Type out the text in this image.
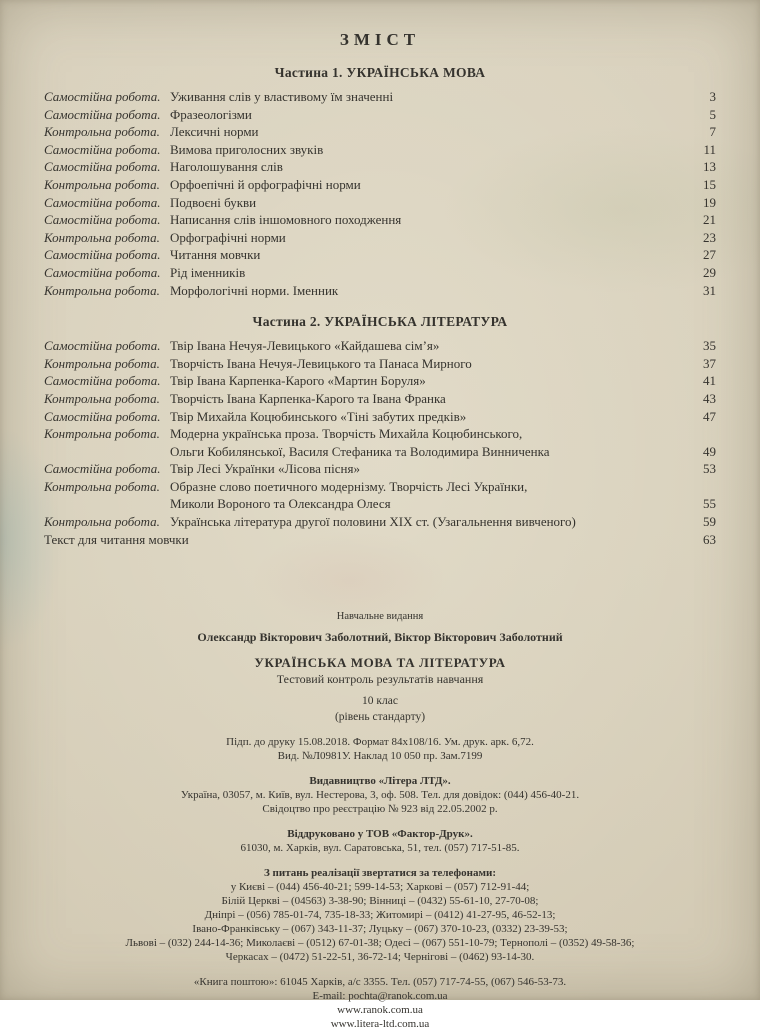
ЗМІСТ
Частина 1. УКРАЇНСЬКА МОВА
Самостійна робота. Уживання слів у властивому їм значенні	3
Самостійна робота. Фразеологізми	5
Контрольна робота. Лексичні норми	7
Самостійна робота. Вимова приголосних звуків	11
Самостійна робота. Наголошування слів	13
Контрольна робота. Орфоепічні й орфографічні норми	15
Самостійна робота. Подвоєні букви	19
Самостійна робота. Написання слів іншомовного походження	21
Контрольна робота. Орфографічні норми	23
Самостійна робота. Читання мовчки	27
Самостійна робота. Рід іменників	29
Контрольна робота. Морфологічні норми. Іменник	31
Частина 2. УКРАЇНСЬКА ЛІТЕРАТУРА
Самостійна робота. Твір Івана Нечуя-Левицького «Кайдашева сім’я»	35
Контрольна робота. Творчість Івана Нечуя-Левицького та Панаса Мирного	37
Самостійна робота. Твір Івана Карпенка-Карого «Мартин Боруля»	41
Контрольна робота. Творчість Івана Карпенка-Карого та Івана Франка	43
Самостійна робота. Твір Михайла Коцюбинського «Тіні забутих предків»	47
Контрольна робота. Модерна українська проза. Творчість Михайла Коцюбинського,
Ольги Кобилянської, Василя Стефаника та Володимира Винниченка	49
Самостійна робота. Твір Лесі Українки «Лісова пісня»	53
Контрольна робота. Образне слово поетичного модернізму. Творчість Лесі Українки,
Миколи Вороного та Олександра Олеся	55
Контрольна робота. Українська література другої половини XIX ст. (Узагальнення вивченого)	59
Текст для читання мовчки	63
Навчальне видання
Олександр Вікторович Заболотний, Віктор Вікторович Заболотний
УКРАЇНСЬКА МОВА ТА ЛІТЕРАТУРА
Тестовий контроль результатів навчання
10 клас
(рівень стандарту)
Підп. до друку 15.08.2018. Формат 84х108/16. Ум. друк. арк. 6,72.
Вид. №Л0981У. Наклад 10 050 пр. Зам.7199
Видавництво «Літера ЛТД».
Україна, 03057, м. Київ, вул. Нестерова, 3, оф. 508. Тел. для довідок: (044) 456-40-21.
Свідоцтво про реєстрацію № 923 від 22.05.2002 р.
Віддруковано у ТОВ «Фактор-Друк».
61030, м. Харків, вул. Саратовська, 51, тел. (057) 717-51-85.
З питань реалізації звертатися за телефонами:
у Києві – (044) 456-40-21; 599-14-53; Харкові – (057) 712-91-44;
Білій Церкві – (04563) 3-38-90; Вінниці – (0432) 55-61-10, 27-70-08;
Дніпрі – (056) 785-01-74, 735-18-33; Житомирі – (0412) 41-27-95, 46-52-13;
Івано-Франківську – (067) 343-11-37; Луцьку – (067) 370-10-23, (0332) 23-39-53;
Львові – (032) 244-14-36; Миколаєві – (0512) 67-01-38; Одесі – (067) 551-10-79; Тернополі – (0352) 49-58-36;
Черкасах – (0472) 51-22-51, 36-72-14; Чернігові – (0462) 93-14-30.
«Книга поштою»: 61045 Харків, а/с 3355. Тел. (057) 717-74-55, (067) 546-53-73.
E-mail: pochta@ranok.com.ua
www.ranok.com.ua
www.litera-ltd.com.ua
